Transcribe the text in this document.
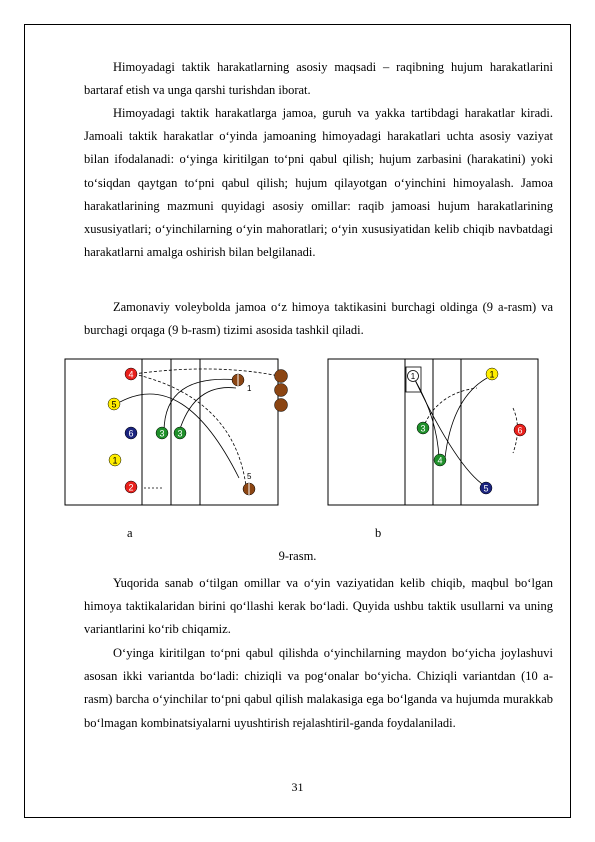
Himoyadagi taktik harakatlarning asosiy maqsadi – raqibning hujum harakatlarini bartaraf etish va unga qarshi turishdan iborat.

Himoyadagi taktik harakatlarga jamoa, guruh va yakka tartibdagi harakatlar kiradi. Jamoali taktik harakatlar o‘yinda jamoaning himoyadagi harakatlari uchta asosiy vaziyat bilan ifodalanadi: o‘yinga kiritilgan to‘pni qabul qilish; hujum zarbasini (harakatini) yoki to‘siqdan qaytgan to‘pni qabul qilish; hujum qilayotgan o‘yinchini himoyalash. Jamoa harakatlarining mazmuni quyidagi asosiy omillar: raqib jamoasi hujum harakatlarining xususiyatlari; o‘yinchilarning o‘yin mahoratlari; o‘yin xususiyatidan kelib chiqib navbatdagi harakatlarni amalga oshirish bilan belgilanadi.

Zamonaviy voleybolda jamoa o‘z himoya taktikasini burchagi oldinga (9 a-rasm) va burchagi orqaga (9 b-rasm) tizimi asosida tashkil qiladi.

4
5
6	3 3
1
2
1
5
1
3
4
6
1
5
a	b
9-rasm.

Yuqorida sanab o‘tilgan omillar va o‘yin vaziyatidan kelib chiqib, maqbul bo‘lgan himoya taktikalaridan birini qo‘llashi kerak bo‘ladi. Quyida ushbu taktik usullarni va uning variantlarini ko‘rib chiqamiz.

O‘yinga kiritilgan to‘pni qabul qilishda o‘yinchilarning maydon bo‘yicha joylashuvi asosan ikki variantda bo‘ladi: chiziqli va pog‘onalar bo‘yicha. Chiziqli variantdan (10 a-rasm) barcha o‘yinchilar to‘pni qabul qilish malakasiga ega bo‘lganda va hujumda murakkab bo‘lmagan kombinatsiyalarni uyushtirish rejalashtiril-ganda foydalaniladi.

31
